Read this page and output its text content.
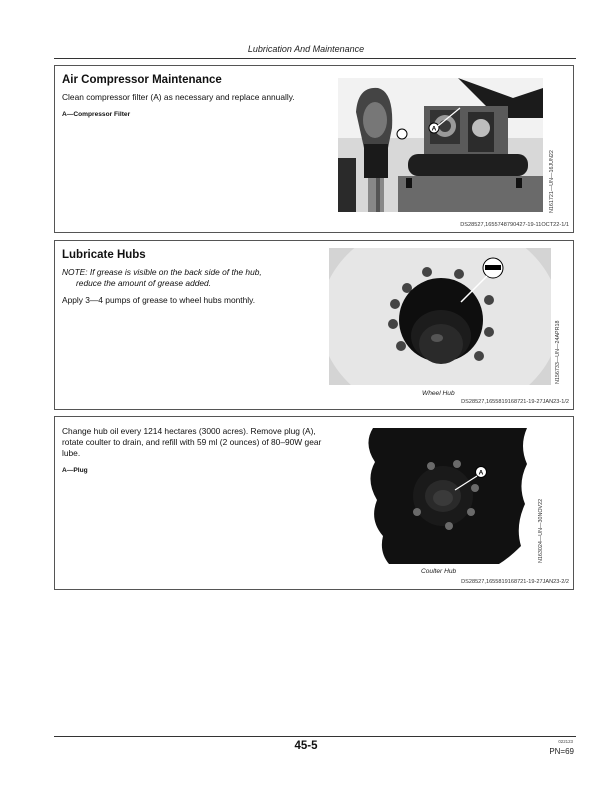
Lubrication And Maintenance
Air Compressor Maintenance

Clean compressor filter (A) as necessary and replace annually.

A—Compressor Filter
A
N161721—UN—16JUN22
DS28527,1655748790427-19-11OCT22-1/1
Lubricate Hubs

NOTE: If grease is visible on the back side of the hub,
reduce the amount of grease added.

Apply 3—4 pumps of grease to wheel hubs monthly.

N156733—UN—24APR18
Wheel Hub
DS28527,1655819168721-19-27JAN23-1/2

Change hub oil every 1214 hectares (3000 acres). Remove plug (A), rotate coulter to drain, and refill with 59 ml (2 ounces) of 80–90W gear lube.

A—Plug	A
N163024—UN—30NOV22
Coulter Hub
DS28527,1655819168721-19-27JAN23-2/2
45-5	022123
PN=69
